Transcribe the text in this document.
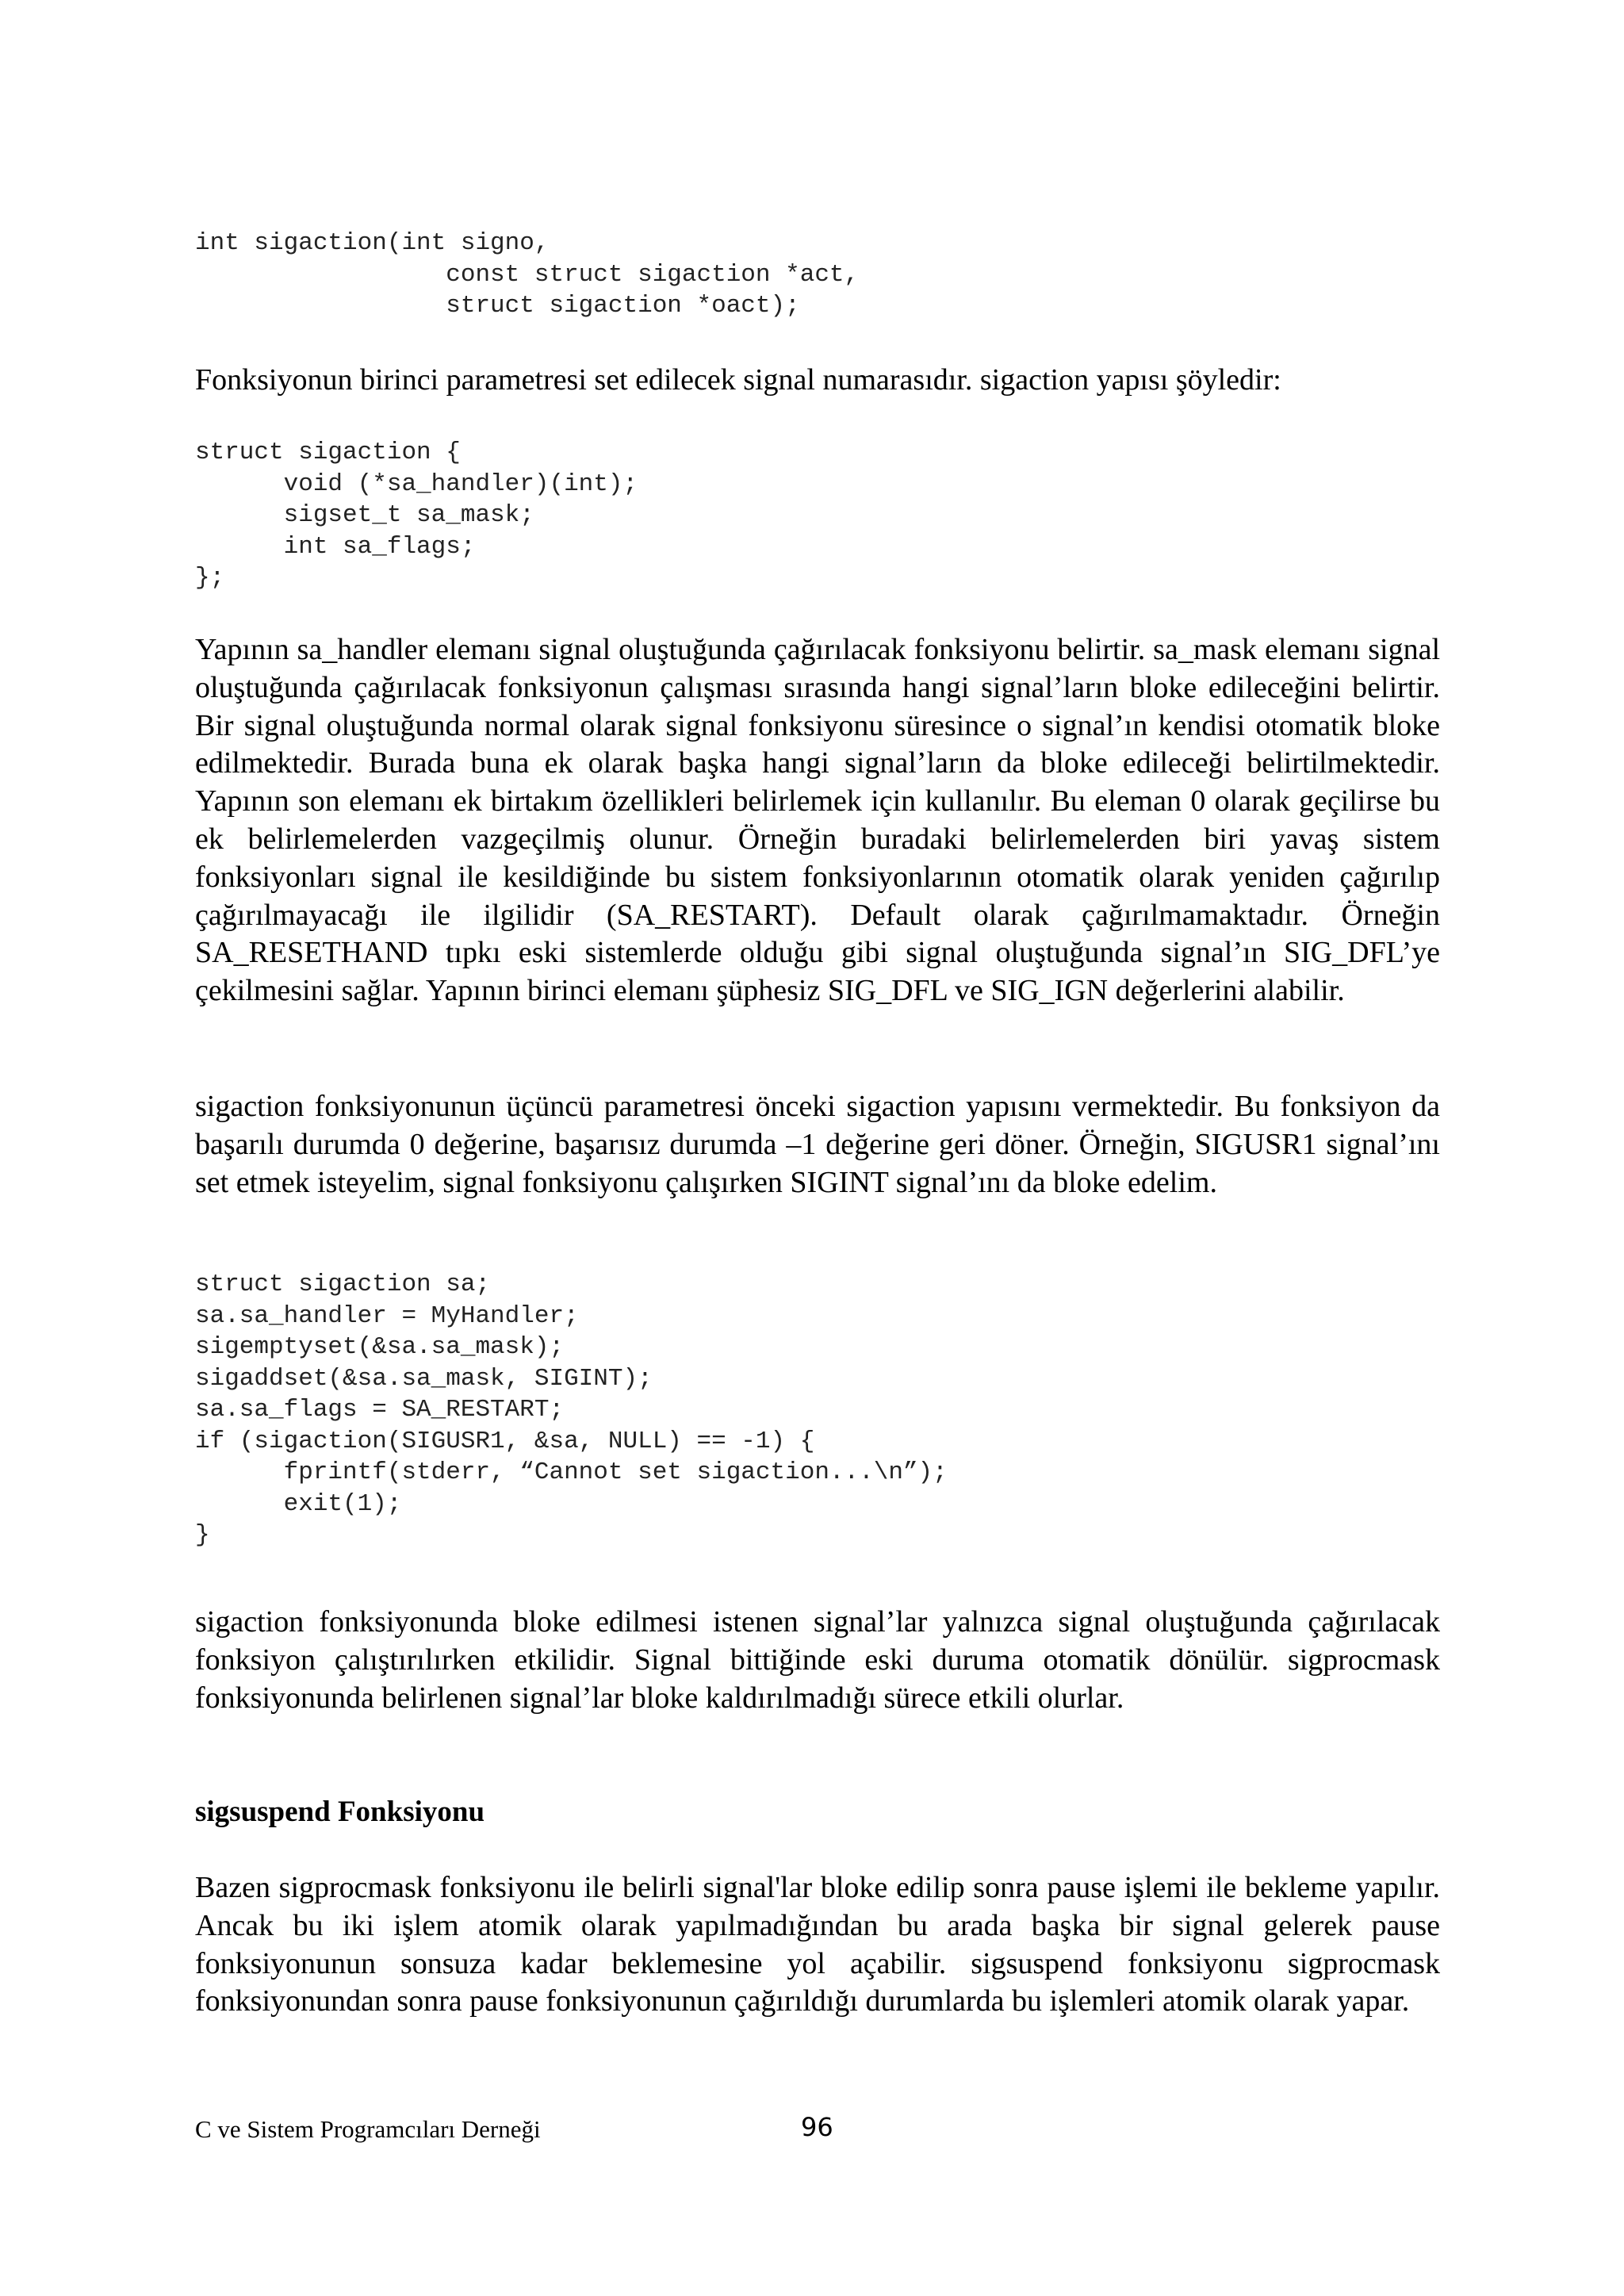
int sigaction(int signo,
const struct sigaction *act,
struct sigaction *oact);

Fonksiyonun birinci parametresi set edilecek signal numarasıdır. sigaction yapısı şöyledir:

struct sigaction {
void (*sa_handler)(int);
sigset_t sa_mask;
int sa_flags;
};

Yapının sa_handler elemanı signal oluştuğunda çağırılacak fonksiyonu belirtir. sa_mask elemanı signal oluştuğunda çağırılacak fonksiyonun çalışması sırasında hangi signal’ların bloke edileceğini belirtir. Bir signal oluştuğunda normal olarak signal fonksiyonu süresince o signal’ın kendisi otomatik bloke edilmektedir. Burada buna ek olarak başka hangi signal’ların da bloke edileceği belirtilmektedir. Yapının son elemanı ek birtakım özellikleri belirlemek için kullanılır. Bu eleman 0 olarak geçilirse bu ek belirlemelerden vazgeçilmiş olunur. Örneğin buradaki belirlemelerden biri yavaş sistem fonksiyonları signal ile kesildiğinde bu sistem fonksiyonlarının otomatik olarak yeniden çağırılıp çağırılmayacağı ile ilgilidir (SA_RESTART). Default olarak çağırılmamaktadır. Örneğin SA_RESETHAND tıpkı eski sistemlerde olduğu gibi signal oluştuğunda signal’ın SIG_DFL’ye çekilmesini sağlar. Yapının birinci elemanı şüphesiz SIG_DFL ve SIG_IGN değerlerini alabilir.

sigaction fonksiyonunun üçüncü parametresi önceki sigaction yapısını vermektedir. Bu fonksiyon da başarılı durumda 0 değerine, başarısız durumda –1 değerine geri döner. Örneğin, SIGUSR1 signal’ını set etmek isteyelim, signal fonksiyonu çalışırken SIGINT signal’ını da bloke edelim.

struct sigaction sa;
sa.sa_handler = MyHandler;
sigemptyset(&sa.sa_mask);
sigaddset(&sa.sa_mask, SIGINT);
sa.sa_flags = SA_RESTART;
if (sigaction(SIGUSR1, &sa, NULL) == -1) {
fprintf(stderr, “Cannot set sigaction...\n”);
exit(1);
}

sigaction fonksiyonunda bloke edilmesi istenen signal’lar yalnızca signal oluştuğunda çağırılacak fonksiyon çalıştırılırken etkilidir. Signal bittiğinde eski duruma otomatik dönülür. sigprocmask fonksiyonunda belirlenen signal’lar bloke kaldırılmadığı sürece etkili olurlar.

sigsuspend Fonksiyonu

Bazen sigprocmask fonksiyonu ile belirli signal'lar bloke edilip sonra pause işlemi ile bekleme yapılır. Ancak bu iki işlem atomik olarak yapılmadığından bu arada başka bir signal gelerek pause fonksiyonunun sonsuza kadar beklemesine yol açabilir. sigsuspend fonksiyonu sigprocmask fonksiyonundan sonra pause fonksiyonunun çağırıldığı durumlarda bu işlemleri atomik olarak yapar.

C ve Sistem Programcıları Derneği	96
